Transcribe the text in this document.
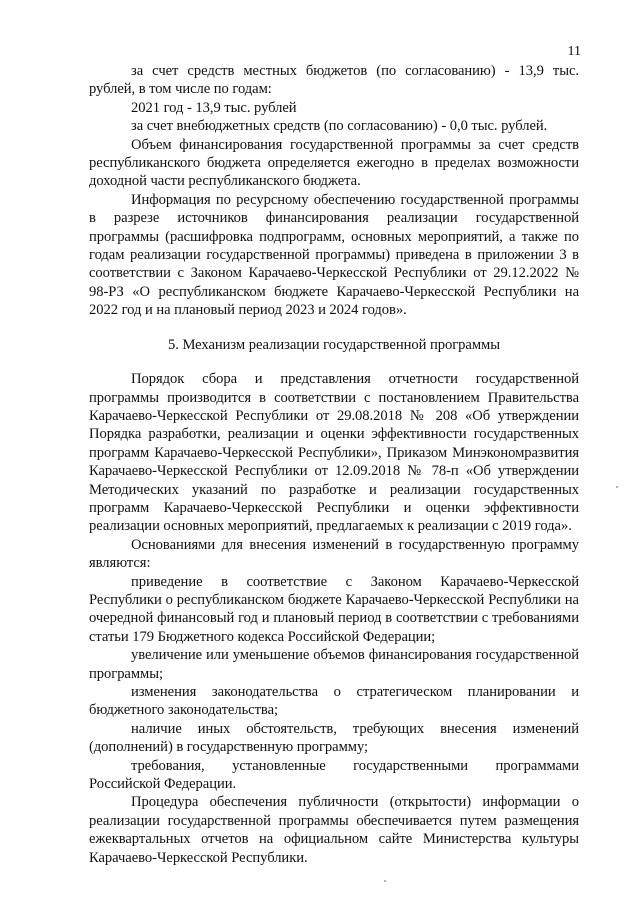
11

за счет средств местных бюджетов (по согласованию) - 13,9 тыс. рублей, в том числе по годам:

2021 год - 13,9 тыс. рублей

за счет внебюджетных средств (по согласованию) - 0,0 тыс. рублей.

Объем финансирования государственной программы за счет средств республиканского бюджета определяется ежегодно в пределах возможности доходной части республиканского бюджета.

Информация по ресурсному обеспечению государственной программы в разрезе источников финансирования реализации государственной программы (расшифровка подпрограмм, основных мероприятий, а также по годам реализации государственной программы) приведена в приложении 3 в соответствии с Законом Карачаево-Черкесской Республики от 29.12.2022 № 98-РЗ «О республиканском бюджете Карачаево-Черкесской Республики на 2022 год и на плановый период 2023 и 2024 годов».

5. Механизм реализации государственной программы

Порядок сбора и представления отчетности государственной программы производится в соответствии с постановлением Правительства Карачаево-Черкесской Республики от 29.08.2018 № 208 «Об утверждении Порядка разработки, реализации и оценки эффективности государственных программ Карачаево-Черкесской Республики», Приказом Минэкономразвития Карачаево-Черкесской Республики от 12.09.2018 № 78-п «Об утверждении Методических указаний по разработке и реализации государственных программ Карачаево-Черкесской Республики и оценки эффективности реализации основных мероприятий, предлагаемых к реализации с 2019 года».

Основаниями для внесения изменений в государственную программу являются:

приведение в соответствие с Законом Карачаево-Черкесской Республики о республиканском бюджете Карачаево-Черкесской Республики на очередной финансовый год и плановый период в соответствии с требованиями статьи 179 Бюджетного кодекса Российской Федерации;

увеличение или уменьшение объемов финансирования государственной программы;

изменения законодательства о стратегическом планировании и бюджетного законодательства;

наличие иных обстоятельств, требующих внесения изменений (дополнений) в государственную программу;

требования, установленные государственными программами Российской Федерации.

Процедура обеспечения публичности (открытости) информации о реализации государственной программы обеспечивается путем размещения ежеквартальных отчетов на официальном сайте Министерства культуры Карачаево-Черкесской Республики.
